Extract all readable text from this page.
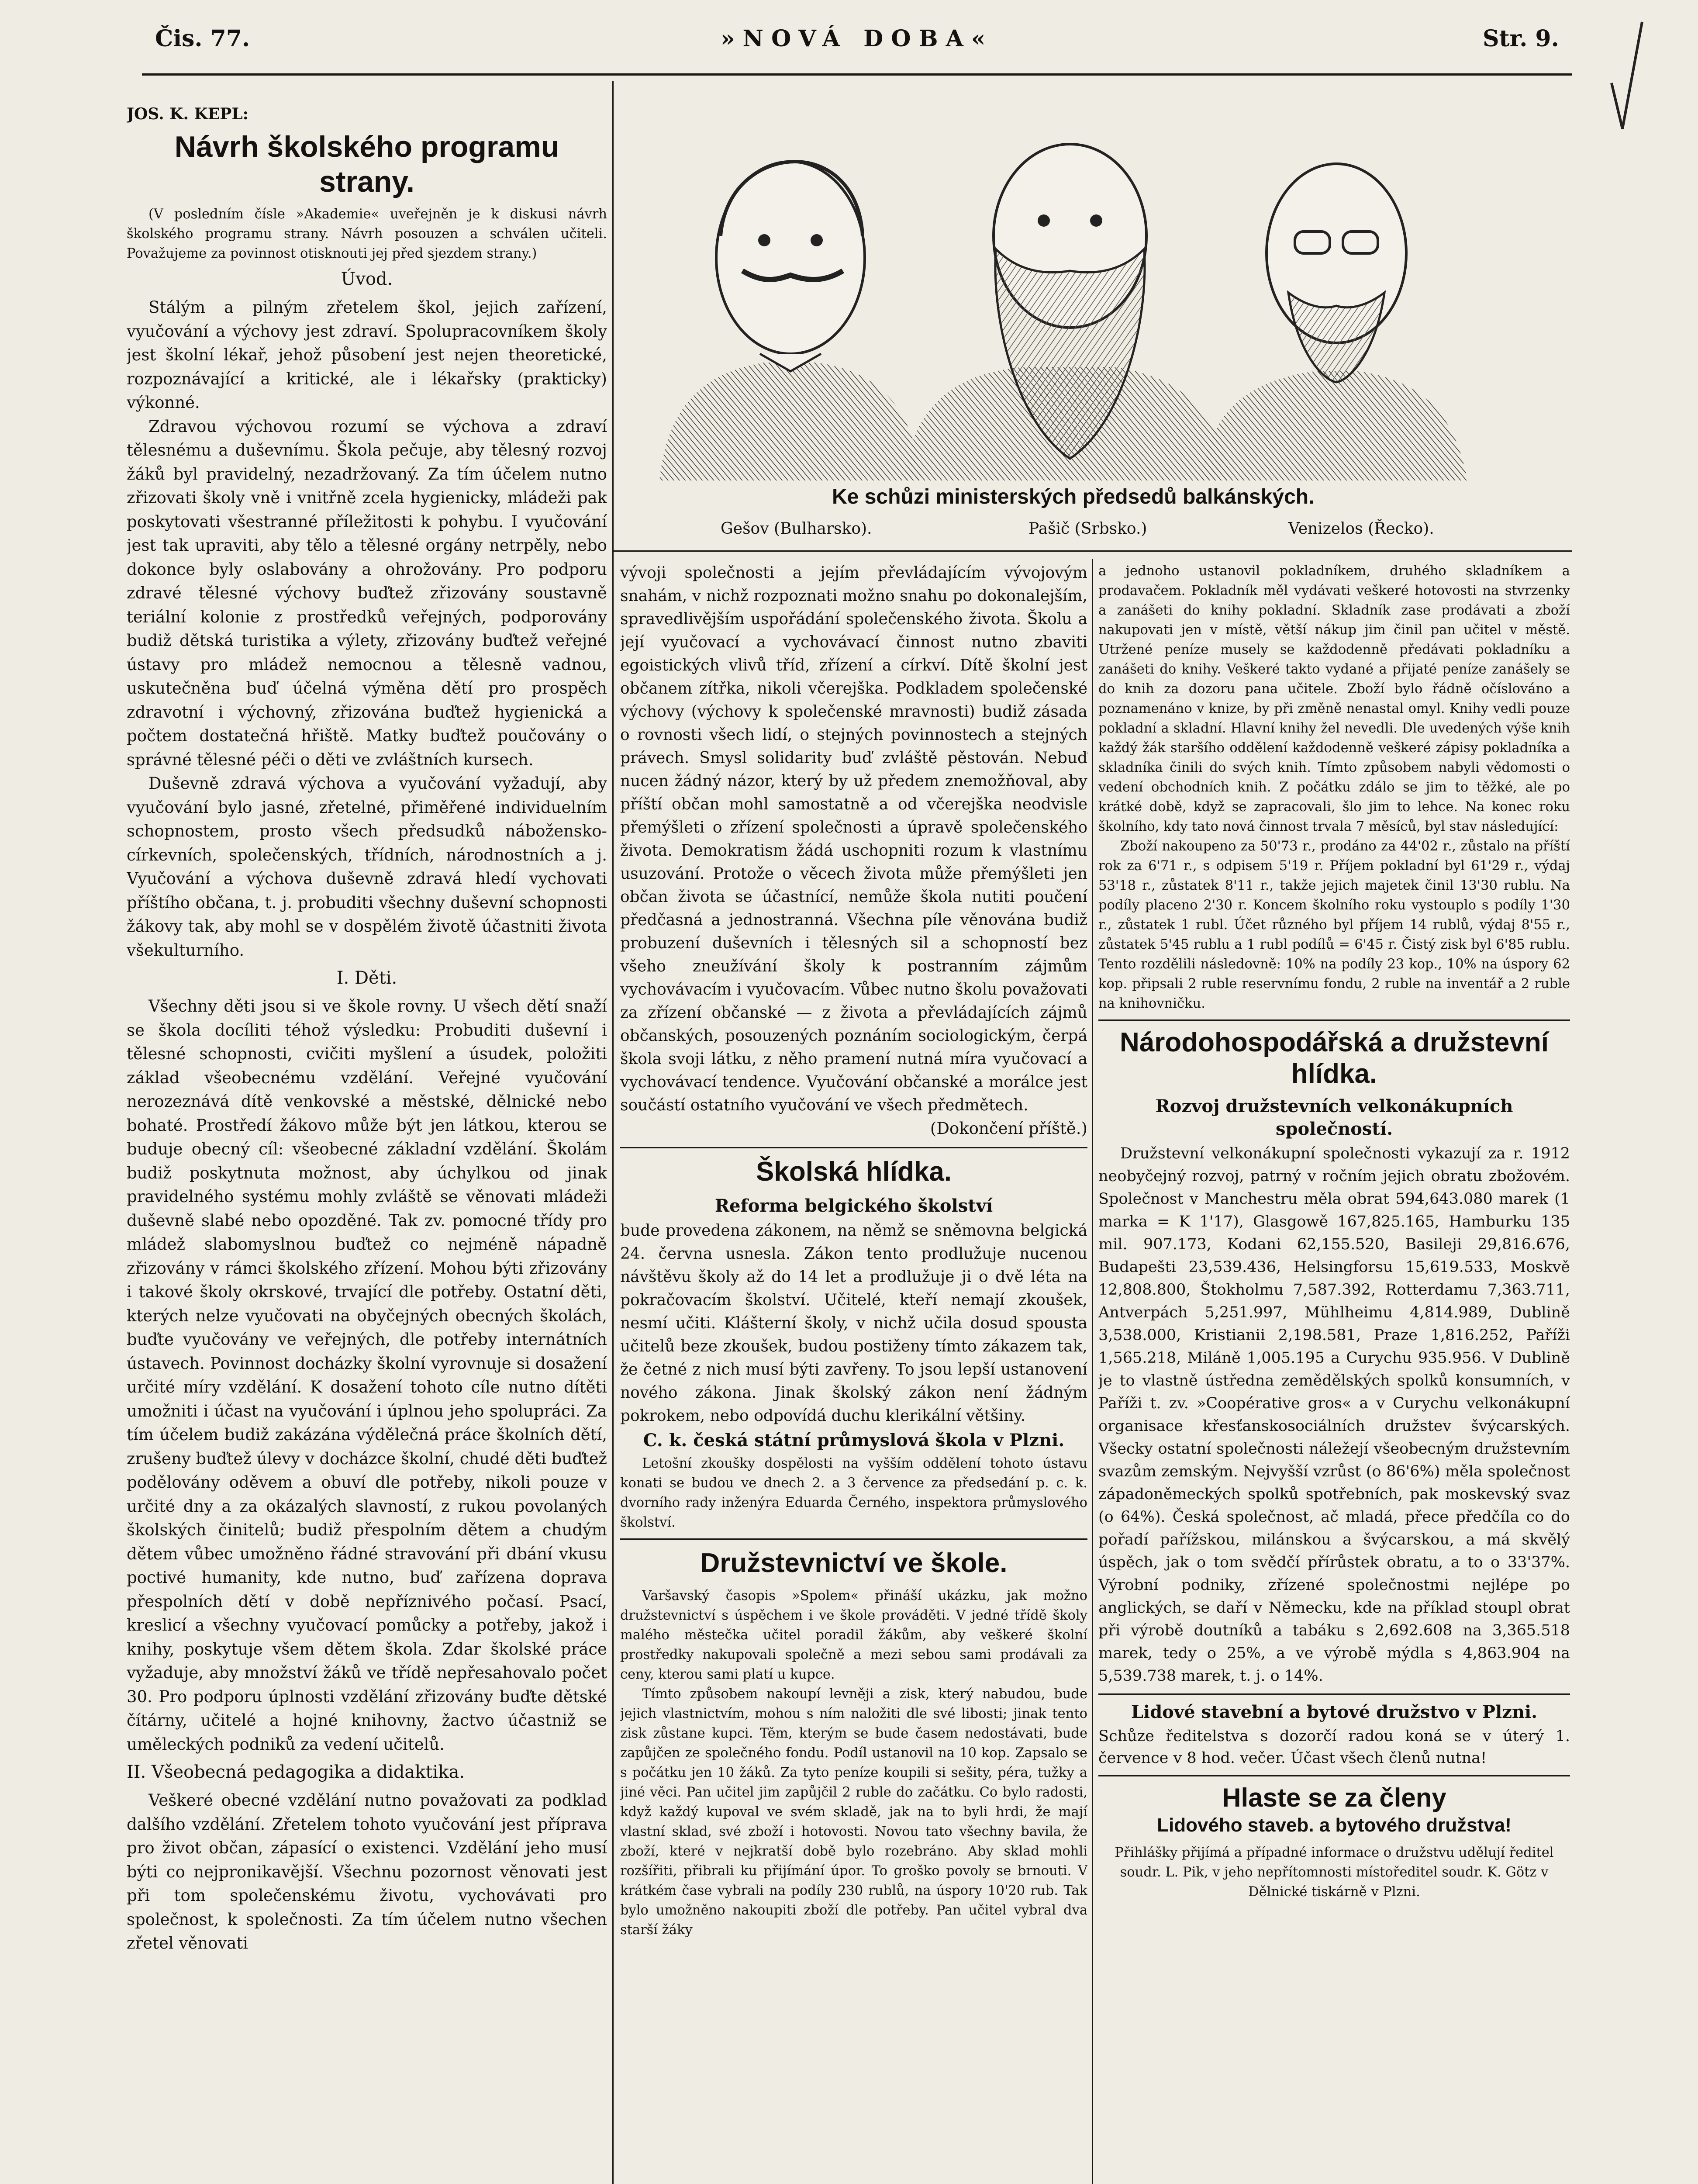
Čis. 77.	»NOVÁ DOBA«	Str. 9.

JOS. K. KEPL:

Návrh školského programu strany.

(V posledním čísle »Akademie« uveřejněn je k diskusi návrh školského programu strany. Návrh posouzen a schválen učiteli. Považujeme za povinnost otisknouti jej před sjezdem strany.)

Úvod.

Stálým a pilným zřetelem škol, jejich zařízení, vyučování a výchovy jest zdraví. Spolupracovníkem školy jest školní lékař, jehož působení jest nejen theoretické, rozpoznávající a kritické, ale i lékařsky (prakticky) výkonné.

Zdravou výchovou rozumí se výchova a zdraví tělesnému a duševnímu. Škola pečuje, aby tělesný rozvoj žáků byl pravidelný, nezadržovaný. Za tím účelem nutno zřizovati školy vně i vnitřně zcela hygienicky, mládeži pak poskytovati všestranné příležitosti k pohybu. I vyučování jest tak upraviti, aby tělo a tělesné orgány netrpěly, nebo dokonce byly oslabovány a ohrožovány. Pro podporu zdravé tělesné výchovy buďtež zřizovány soustavně teriální kolonie z prostředků veřejných, podporovány budiž dětská turistika a výlety, zřizovány buďtež veřejné ústavy pro mládež nemocnou a tělesně vadnou, uskutečněna buď účelná výměna dětí pro prospěch zdravotní i výchovný, zřizována buďtež hygienická a počtem dostatečná hřiště. Matky buďtež poučovány o správné tělesné péči o děti ve zvláštních kursech.

Duševně zdravá výchova a vyučování vyžadují, aby vyučování bylo jasné, zřetelné, přiměřené individuelním schopnostem, prosto všech předsudků nábožensko-církevních, společenských, třídních, národnostních a j. Vyučování a výchova duševně zdravá hledí vychovati příštího občana, t. j. probuditi všechny duševní schopnosti žákovy tak, aby mohl se v dospělém životě účastniti života všekulturního.

I. Děti.

Všechny děti jsou si ve škole rovny. U všech dětí snaží se škola docíliti téhož výsledku: Probuditi duševní i tělesné schopnosti, cvičiti myšlení a úsudek, položiti základ všeobecnému vzdělání. Veřejné vyučování nerozeznává dítě venkovské a městské, dělnické nebo bohaté. Prostředí žákovo může být jen látkou, kterou se buduje obecný cíl: všeobecné základní vzdělání. Školám budiž poskytnuta možnost, aby úchylkou od jinak pravidelného systému mohly zvláště se věnovati mládeži duševně slabé nebo opozděné. Tak zv. pomocné třídy pro mládež slabomyslnou buďtež co nejméně nápadně zřizovány v rámci školského zřízení. Mohou býti zřizovány i takové školy okrskové, trvající dle potřeby. Ostatní děti, kterých nelze vyučovati na obyčejných obecných školách, buďte vyučovány ve veřejných, dle potřeby internátních ústavech. Povinnost docházky školní vyrovnuje si dosažení určité míry vzdělání. K dosažení tohoto cíle nutno dítěti umožniti i účast na vyučování i úplnou jeho spolupráci. Za tím účelem budiž zakázána výdělečná práce školních dětí, zrušeny buďtež úlevy v docházce školní, chudé děti buďtež podělovány oděvem a obuví dle potřeby, nikoli pouze v určité dny a za okázalých slavností, z rukou povolaných školských činitelů; budiž přespolním dětem a chudým dětem vůbec umožněno řádné stravování při dbání vkusu poctivé humanity, kde nutno, buď zařízena doprava přespolních dětí v době nepříznivého počasí. Psací, kreslicí a všechny vyučovací pomůcky a potřeby, jakož i knihy, poskytuje všem dětem škola. Zdar školské práce vyžaduje, aby množství žáků ve třídě nepřesahovalo počet 30. Pro podporu úplnosti vzdělání zřizovány buďte dětské čítárny, učitelé a hojné knihovny, žactvo účastniž se uměleckých podniků za vedení učitelů.

II. Všeobecná pedagogika a didaktika.

Veškeré obecné vzdělání nutno považovati za podklad dalšího vzdělání. Zřetelem tohoto vyučování jest příprava pro život občan, zápasící o existenci. Vzdělání jeho musí býti co nejpronikavější. Všechnu pozornost věnovati jest při tom společenskému životu, vychovávati pro společnost, k společnosti. Za tím účelem nutno všechen zřetel věnovati

Ke schůzi ministerských předsedů balkánských.
Gešov (Bulharsko).	Pašič (Srbsko.)	Venizelos (Řecko).

vývoji společnosti a jejím převládajícím vývojovým snahám, v nichž rozpoznati možno snahu po dokonalejším, spravedlivějším uspořádání společenského života. Školu a její vyučovací a vychovávací činnost nutno zbaviti egoistických vlivů tříd, zřízení a církví. Dítě školní jest občanem zítřka, nikoli včerejška. Podkladem společenské výchovy (výchovy k společenské mravnosti) budiž zásada o rovnosti všech lidí, o stejných povinnostech a stejných právech. Smysl solidarity buď zvláště pěstován. Nebuď nucen žádný názor, který by už předem znemožňoval, aby příští občan mohl samostatně a od včerejška neodvisle přemýšleti o zřízení společnosti a úpravě společenského života. Demokratism žádá uschopniti rozum k vlastnímu usuzování. Protože o věcech života může přemýšleti jen občan života se účastnící, nemůže škola nutiti poučení předčasná a jednostranná. Všechna píle věnována budiž probuzení duševních i tělesných sil a schopností bez všeho zneužívání školy k postranním zájmům vychovávacím i vyučovacím. Vůbec nutno školu považovati za zřízení občanské — z života a převládajících zájmů občanských, posouzených poznáním sociologickým, čerpá škola svoji látku, z něho pramení nutná míra vyučovací a vychovávací tendence. Vyučování občanské a morálce jest součástí ostatního vyučování ve všech předmětech.

(Dokončení příště.)

Školská hlídka.

Reforma belgického školství

bude provedena zákonem, na němž se sněmovna belgická 24. června usnesla. Zákon tento prodlužuje nucenou návštěvu školy až do 14 let a prodlužuje ji o dvě léta na pokračovacím školství. Učitelé, kteří nemají zkoušek, nesmí učiti. Klášterní školy, v nichž učila dosud spousta učitelů beze zkoušek, budou postiženy tímto zákazem tak, že četné z nich musí býti zavřeny. To jsou lepší ustanovení nového zákona. Jinak školský zákon není žádným pokrokem, nebo odpovídá duchu klerikální většiny.

C. k. česká státní průmyslová škola v Plzni.

Letošní zkoušky dospělosti na vyšším oddělení tohoto ústavu konati se budou ve dnech 2. a 3 července za předsedání p. c. k. dvorního rady inženýra Eduarda Černého, inspektora průmyslového školství.

Družstevnictví ve škole.

Varšavský časopis »Spolem« přináší ukázku, jak možno družstevnictví s úspěchem i ve škole prováděti. V jedné třídě školy malého městečka učitel poradil žákům, aby veškeré školní prostředky nakupovali společně a mezi sebou sami prodávali za ceny, kterou sami platí u kupce.

Tímto způsobem nakoupí levněji a zisk, který nabudou, bude jejich vlastnictvím, mohou s ním naložiti dle své libosti; jinak tento zisk zůstane kupci. Těm, kterým se bude časem nedostávati, bude zapůjčen ze společného fondu. Podíl ustanovil na 10 kop. Zapsalo se s počátku jen 10 žáků. Za tyto peníze koupili si sešity, péra, tužky a jiné věci. Pan učitel jim zapůjčil 2 ruble do začátku. Co bylo radosti, když každý kupoval ve svém skladě, jak na to byli hrdi, že mají vlastní sklad, své zboží i hotovosti. Novou tato všechny bavila, že zboží, které v nejkratší době bylo rozebráno. Aby sklad mohli rozšířiti, přibrali ku přijímání úpor. To groško povoly se brnouti. V krátkém čase vybrali na podíly 230 rublů, na úspory 10'20 rub. Tak bylo umožněno nakoupiti zboží dle potřeby. Pan učitel vybral dva starší žáky

a jednoho ustanovil pokladníkem, druhého skladníkem a prodavačem. Pokladník měl vydávati veškeré hotovosti na stvrzenky a zanášeti do knihy pokladní. Skladník zase prodávati a zboží nakupovati jen v místě, větší nákup jim činil pan učitel v městě. Utržené peníze musely se každodenně předávati pokladníku a zanášeti do knihy. Veškeré takto vydané a přijaté peníze zanášely se do knih za dozoru pana učitele. Zboží bylo řádně očíslováno a poznamenáno v knize, by při změně nenastal omyl. Knihy vedli pouze pokladní a skladní. Hlavní knihy žel nevedli. Dle uvedených výše knih každý žák staršího oddělení každodenně veškeré zápisy pokladníka a skladníka činili do svých knih. Tímto způsobem nabyli vědomosti o vedení obchodních knih. Z počátku zdálo se jim to těžké, ale po krátké době, když se zapracovali, šlo jim to lehce. Na konec roku školního, kdy tato nová činnost trvala 7 měsíců, byl stav následující:

Zboží nakoupeno za 50'73 r., prodáno za 44'02 r., zůstalo na příští rok za 6'71 r., s odpisem 5'19 r. Příjem pokladní byl 61'29 r., výdaj 53'18 r., zůstatek 8'11 r., takže jejich majetek činil 13'30 rublu. Na podíly placeno 2'30 r. Koncem školního roku vystouplo s podíly 1'30 r., zůstatek 1 rubl. Účet různého byl příjem 14 rublů, výdaj 8'55 r., zůstatek 5'45 rublu a 1 rubl podílů = 6'45 r. Čistý zisk byl 6'85 rublu. Tento rozdělili následovně: 10% na podíly 23 kop., 10% na úspory 62 kop. připsali 2 ruble reservnímu fondu, 2 ruble na inventář a 2 ruble na knihovničku.

Národohospodářská a družstevní hlídka.

Rozvoj družstevních velkonákupních společností.

Družstevní velkonákupní společnosti vykazují za r. 1912 neobyčejný rozvoj, patrný v ročním jejich obratu zbožovém. Společnost v Manchestru měla obrat 594,643.080 marek (1 marka = K 1'17), Glasgowě 167,825.165, Hamburku 135 mil. 907.173, Kodani 62,155.520, Basileji 29,816.676, Budapešti 23,539.436, Helsingforsu 15,619.533, Moskvě 12,808.800, Štokholmu 7,587.392, Rotterdamu 7,363.711, Antverpách 5,251.997, Mühlheimu 4,814.989, Dublině 3,538.000, Kristianii 2,198.581, Praze 1,816.252, Paříži 1,565.218, Miláně 1,005.195 a Curychu 935.956. V Dublině je to vlastně ústředna zemědělských spolků konsumních, v Paříži t. zv. »Coopérative gros« a v Curychu velkonákupní organisace křesťanskosociálních družstev švýcarských. Všecky ostatní společnosti náležejí všeobecným družstevním svazům zemským. Nejvyšší vzrůst (o 86'6%) měla společnost západoněmeckých spolků spotřebních, pak moskevský svaz (o 64%). Česká společnost, ač mladá, přece předčíla co do pořadí pařížskou, milánskou a švýcarskou, a má skvělý úspěch, jak o tom svědčí přírůstek obratu, a to o 33'37%. Výrobní podniky, zřízené společnostmi nejlépe po anglických, se daří v Německu, kde na příklad stoupl obrat při výrobě doutníků a tabáku s 2,692.608 na 3,365.518 marek, tedy o 25%, a ve výrobě mýdla s 4,863.904 na 5,539.738 marek, t. j. o 14%.

Lidové stavební a bytové družstvo v Plzni.

Schůze ředitelstva s dozorčí radou koná se v úterý 1. července v 8 hod. večer. Účast všech členů nutna!

Hlaste se za členy

Lidového staveb. a bytového družstva!

Přihlášky přijímá a případné informace o družstvu udělují ředitel soudr. L. Pik, v jeho nepřítomnosti místoředitel soudr. K. Götz v Dělnické tiskárně v Plzni.
